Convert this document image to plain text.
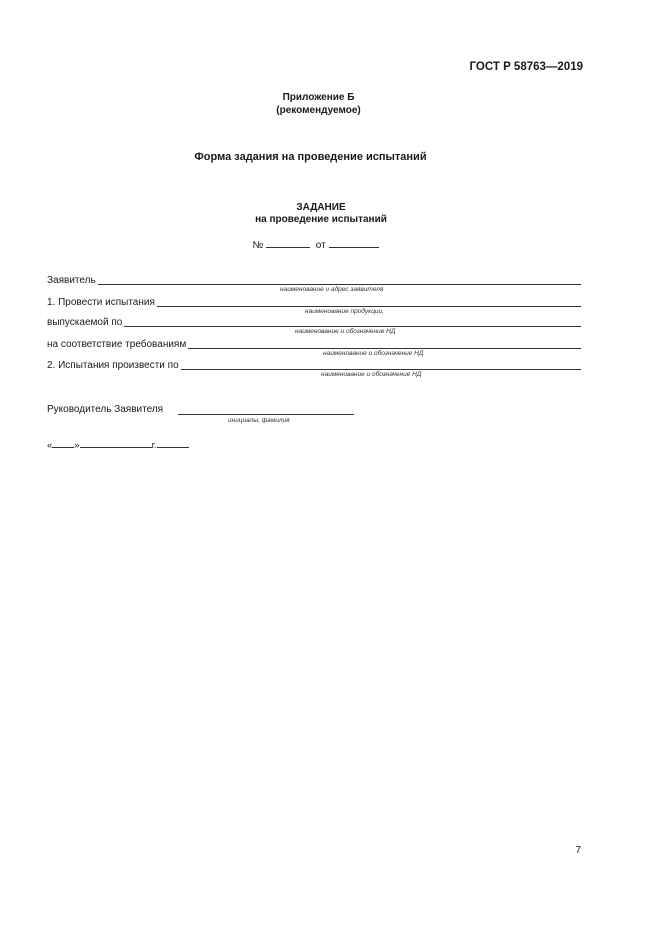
ГОСТ Р 58763—2019
Приложение Б
(рекомендуемое)
Форма задания на проведение испытаний
ЗАДАНИЕ
на проведение испытаний
№	от
Заявитель
наименование и адрес заявителя
1. Провести испытания
наименование продукции,
выпускаемой по
наименование и обозначение НД
на соответствие требованиям
наименование и обозначение НД
2. Испытания произвести по
наименование и обозначение НД
Руководитель Заявителя
инициалы, фамилия
« »	г.
7
